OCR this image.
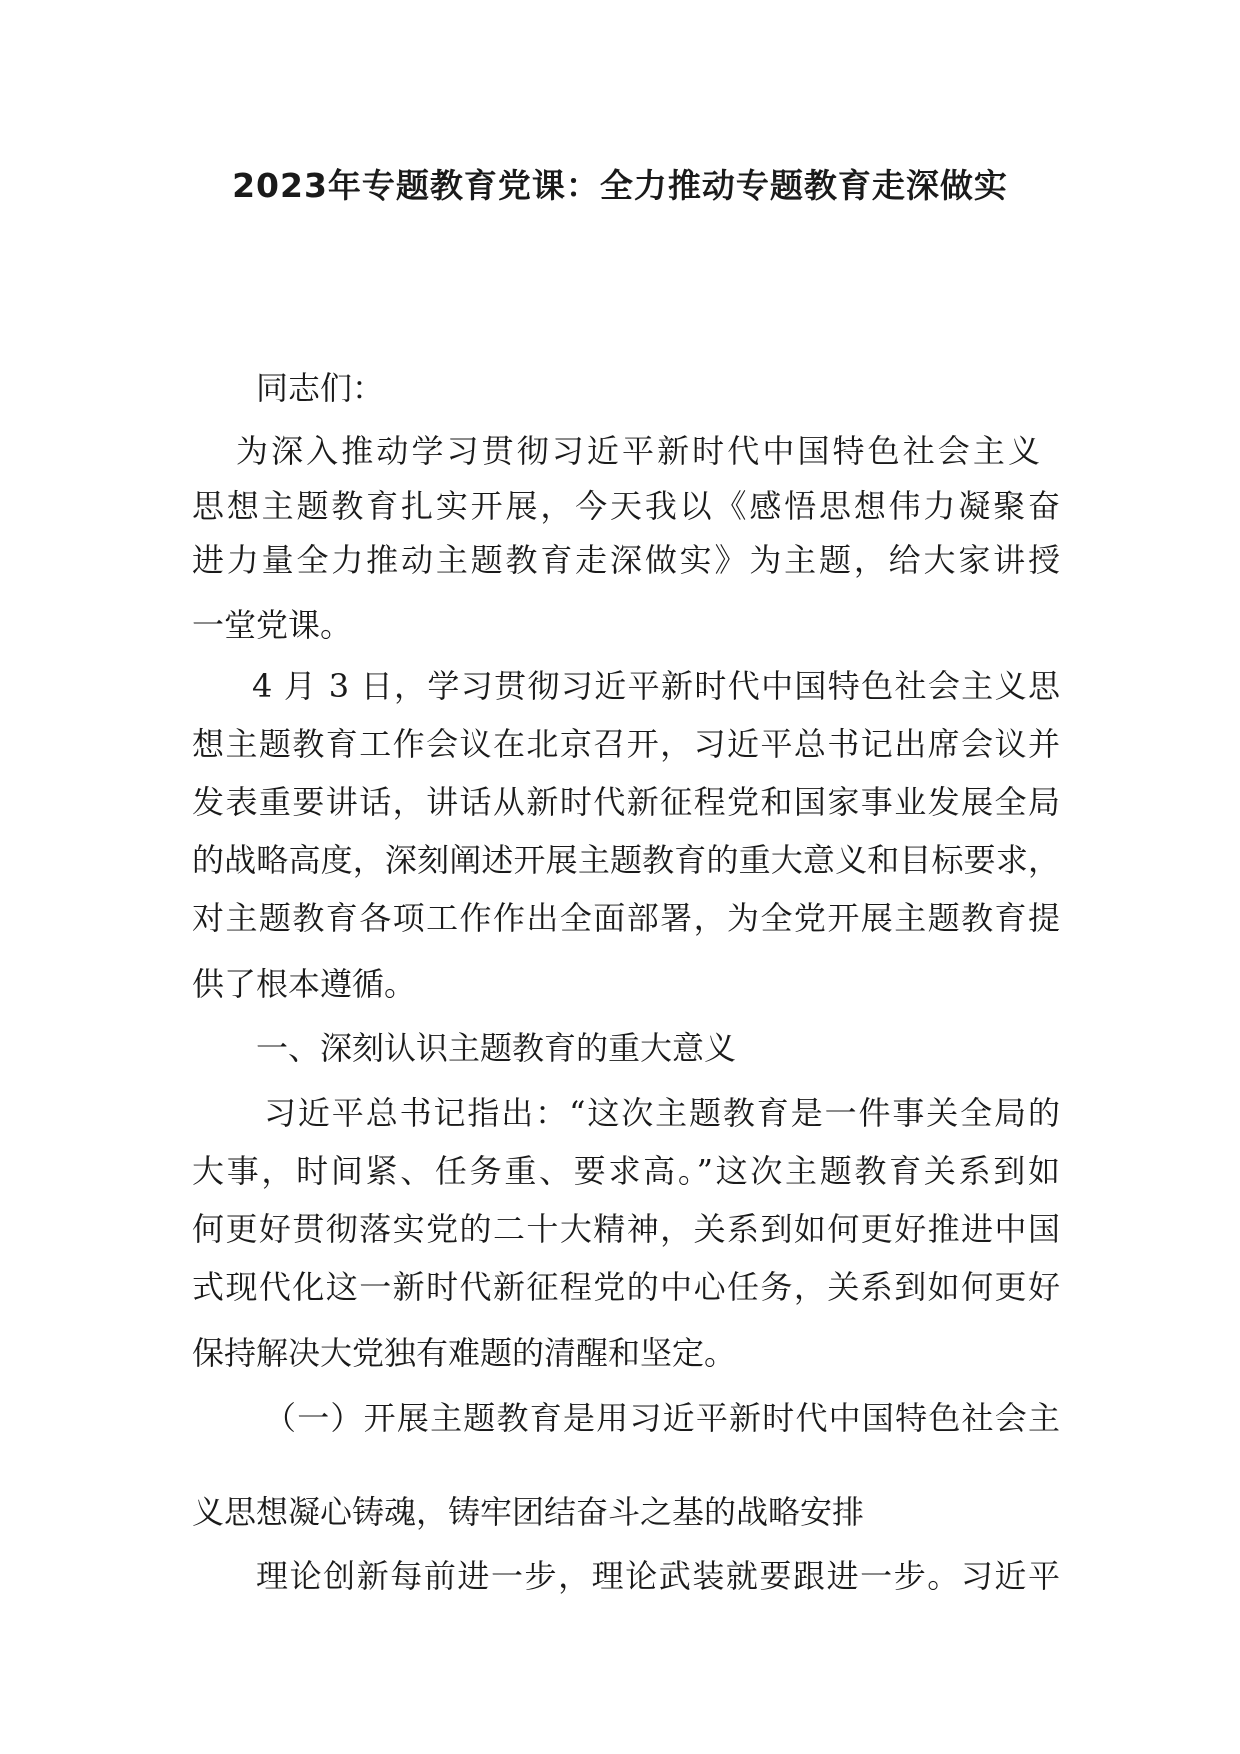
2023年专题教育党课：全力推动专题教育走深做实
同志们：
为深入推动学习贯彻习近平新时代中国特色社会主义
思想主题教育扎实开展，今天我以《感悟思想伟力凝聚奋
进力量全力推动主题教育走深做实》为主题，给大家讲授
一堂党课。
4 月 3 日，学习贯彻习近平新时代中国特色社会主义思
想主题教育工作会议在北京召开，习近平总书记出席会议并
发表重要讲话，讲话从新时代新征程党和国家事业发展全局
的战略高度，深刻阐述开展主题教育的重大意义和目标要求，
对主题教育各项工作作出全面部署，为全党开展主题教育提
供了根本遵循。
一、深刻认识主题教育的重大意义
习近平总书记指出：“这次主题教育是一件事关全局的
大事，时间紧、任务重、要求高。”这次主题教育关系到如
何更好贯彻落实党的二十大精神，关系到如何更好推进中国
式现代化这一新时代新征程党的中心任务，关系到如何更好
保持解决大党独有难题的清醒和坚定。
（一）开展主题教育是用习近平新时代中国特色社会主
义思想凝心铸魂，铸牢团结奋斗之基的战略安排
理论创新每前进一步，理论武装就要跟进一步。习近平
